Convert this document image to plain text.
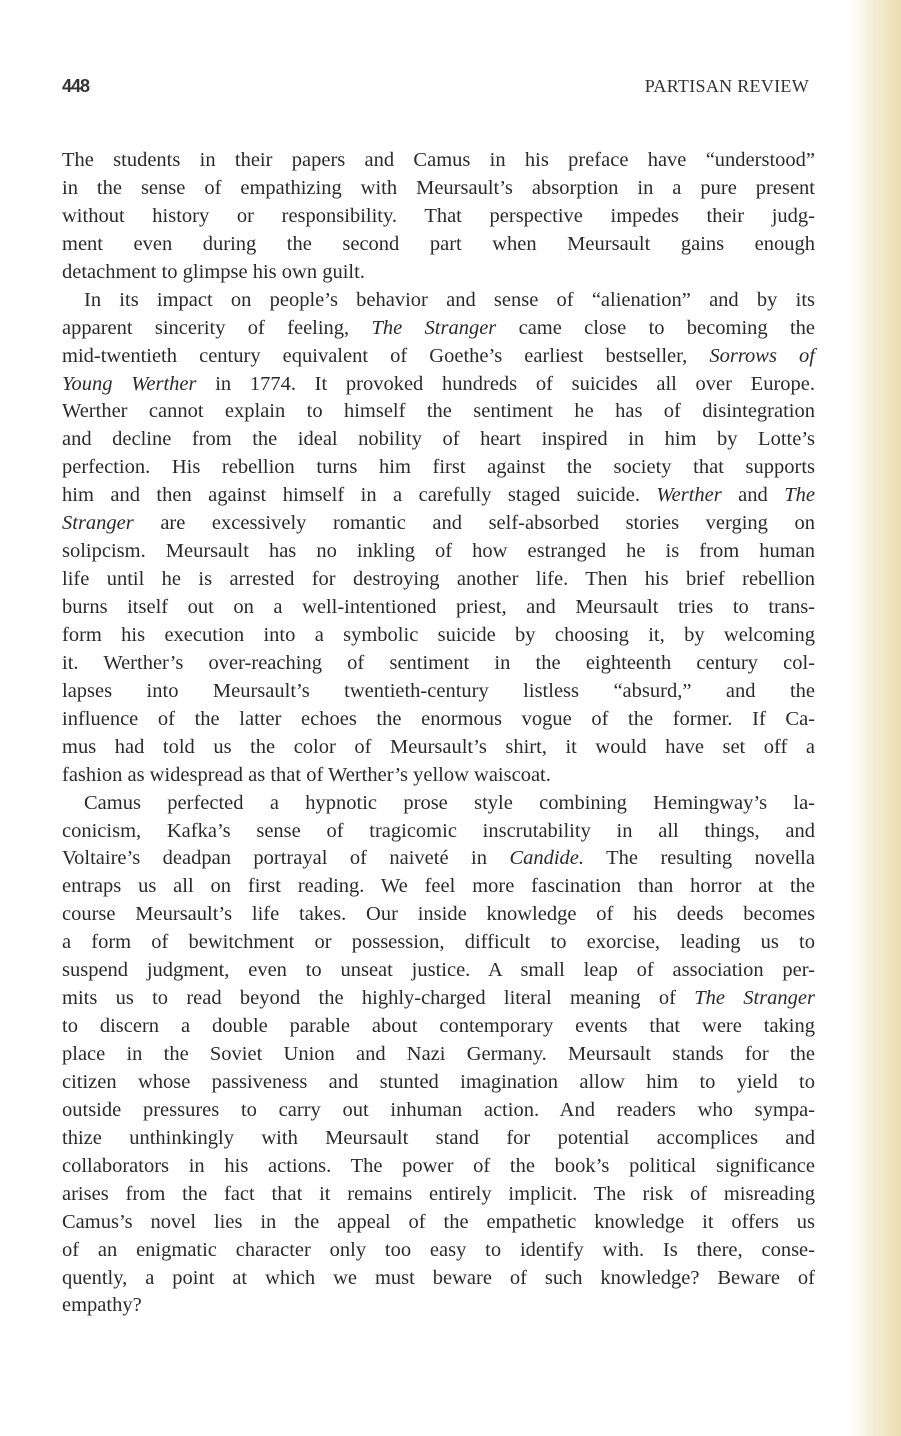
448	PARTISAN REVIEW
The students in their papers and Camus in his preface have “understood”
in the sense of empathizing with Meursault’s absorption in a pure present
without history or responsibility. That perspective impedes their judg-
ment even during the second part when Meursault gains enough
detachment to glimpse his own guilt.
In its impact on people’s behavior and sense of “alienation” and by its
apparent sincerity of feeling, The Stranger came close to becoming the
mid-twentieth century equivalent of Goethe’s earliest bestseller, Sorrows of
Young Werther in 1774. It provoked hundreds of suicides all over Europe.
Werther cannot explain to himself the sentiment he has of disintegration
and decline from the ideal nobility of heart inspired in him by Lotte’s
perfection. His rebellion turns him first against the society that supports
him and then against himself in a carefully staged suicide. Werther and The
Stranger are excessively romantic and self-absorbed stories verging on
solipcism. Meursault has no inkling of how estranged he is from human
life until he is arrested for destroying another life. Then his brief rebellion
burns itself out on a well-intentioned priest, and Meursault tries to trans-
form his execution into a symbolic suicide by choosing it, by welcoming
it. Werther’s over-reaching of sentiment in the eighteenth century col-
lapses into Meursault’s twentieth-century listless “absurd,” and the
influence of the latter echoes the enormous vogue of the former. If Ca-
mus had told us the color of Meursault’s shirt, it would have set off a
fashion as widespread as that of Werther’s yellow waiscoat.
Camus perfected a hypnotic prose style combining Hemingway’s la-
conicism, Kafka’s sense of tragicomic inscrutability in all things, and
Voltaire’s deadpan portrayal of naiveté in Candide. The resulting novella
entraps us all on first reading. We feel more fascination than horror at the
course Meursault’s life takes. Our inside knowledge of his deeds becomes
a form of bewitchment or possession, difficult to exorcise, leading us to
suspend judgment, even to unseat justice. A small leap of association per-
mits us to read beyond the highly-charged literal meaning of The Stranger
to discern a double parable about contemporary events that were taking
place in the Soviet Union and Nazi Germany. Meursault stands for the
citizen whose passiveness and stunted imagination allow him to yield to
outside pressures to carry out inhuman action. And readers who sympa-
thize unthinkingly with Meursault stand for potential accomplices and
collaborators in his actions. The power of the book’s political significance
arises from the fact that it remains entirely implicit. The risk of misreading
Camus’s novel lies in the appeal of the empathetic knowledge it offers us
of an enigmatic character only too easy to identify with. Is there, conse-
quently, a point at which we must beware of such knowledge? Beware of
empathy?
